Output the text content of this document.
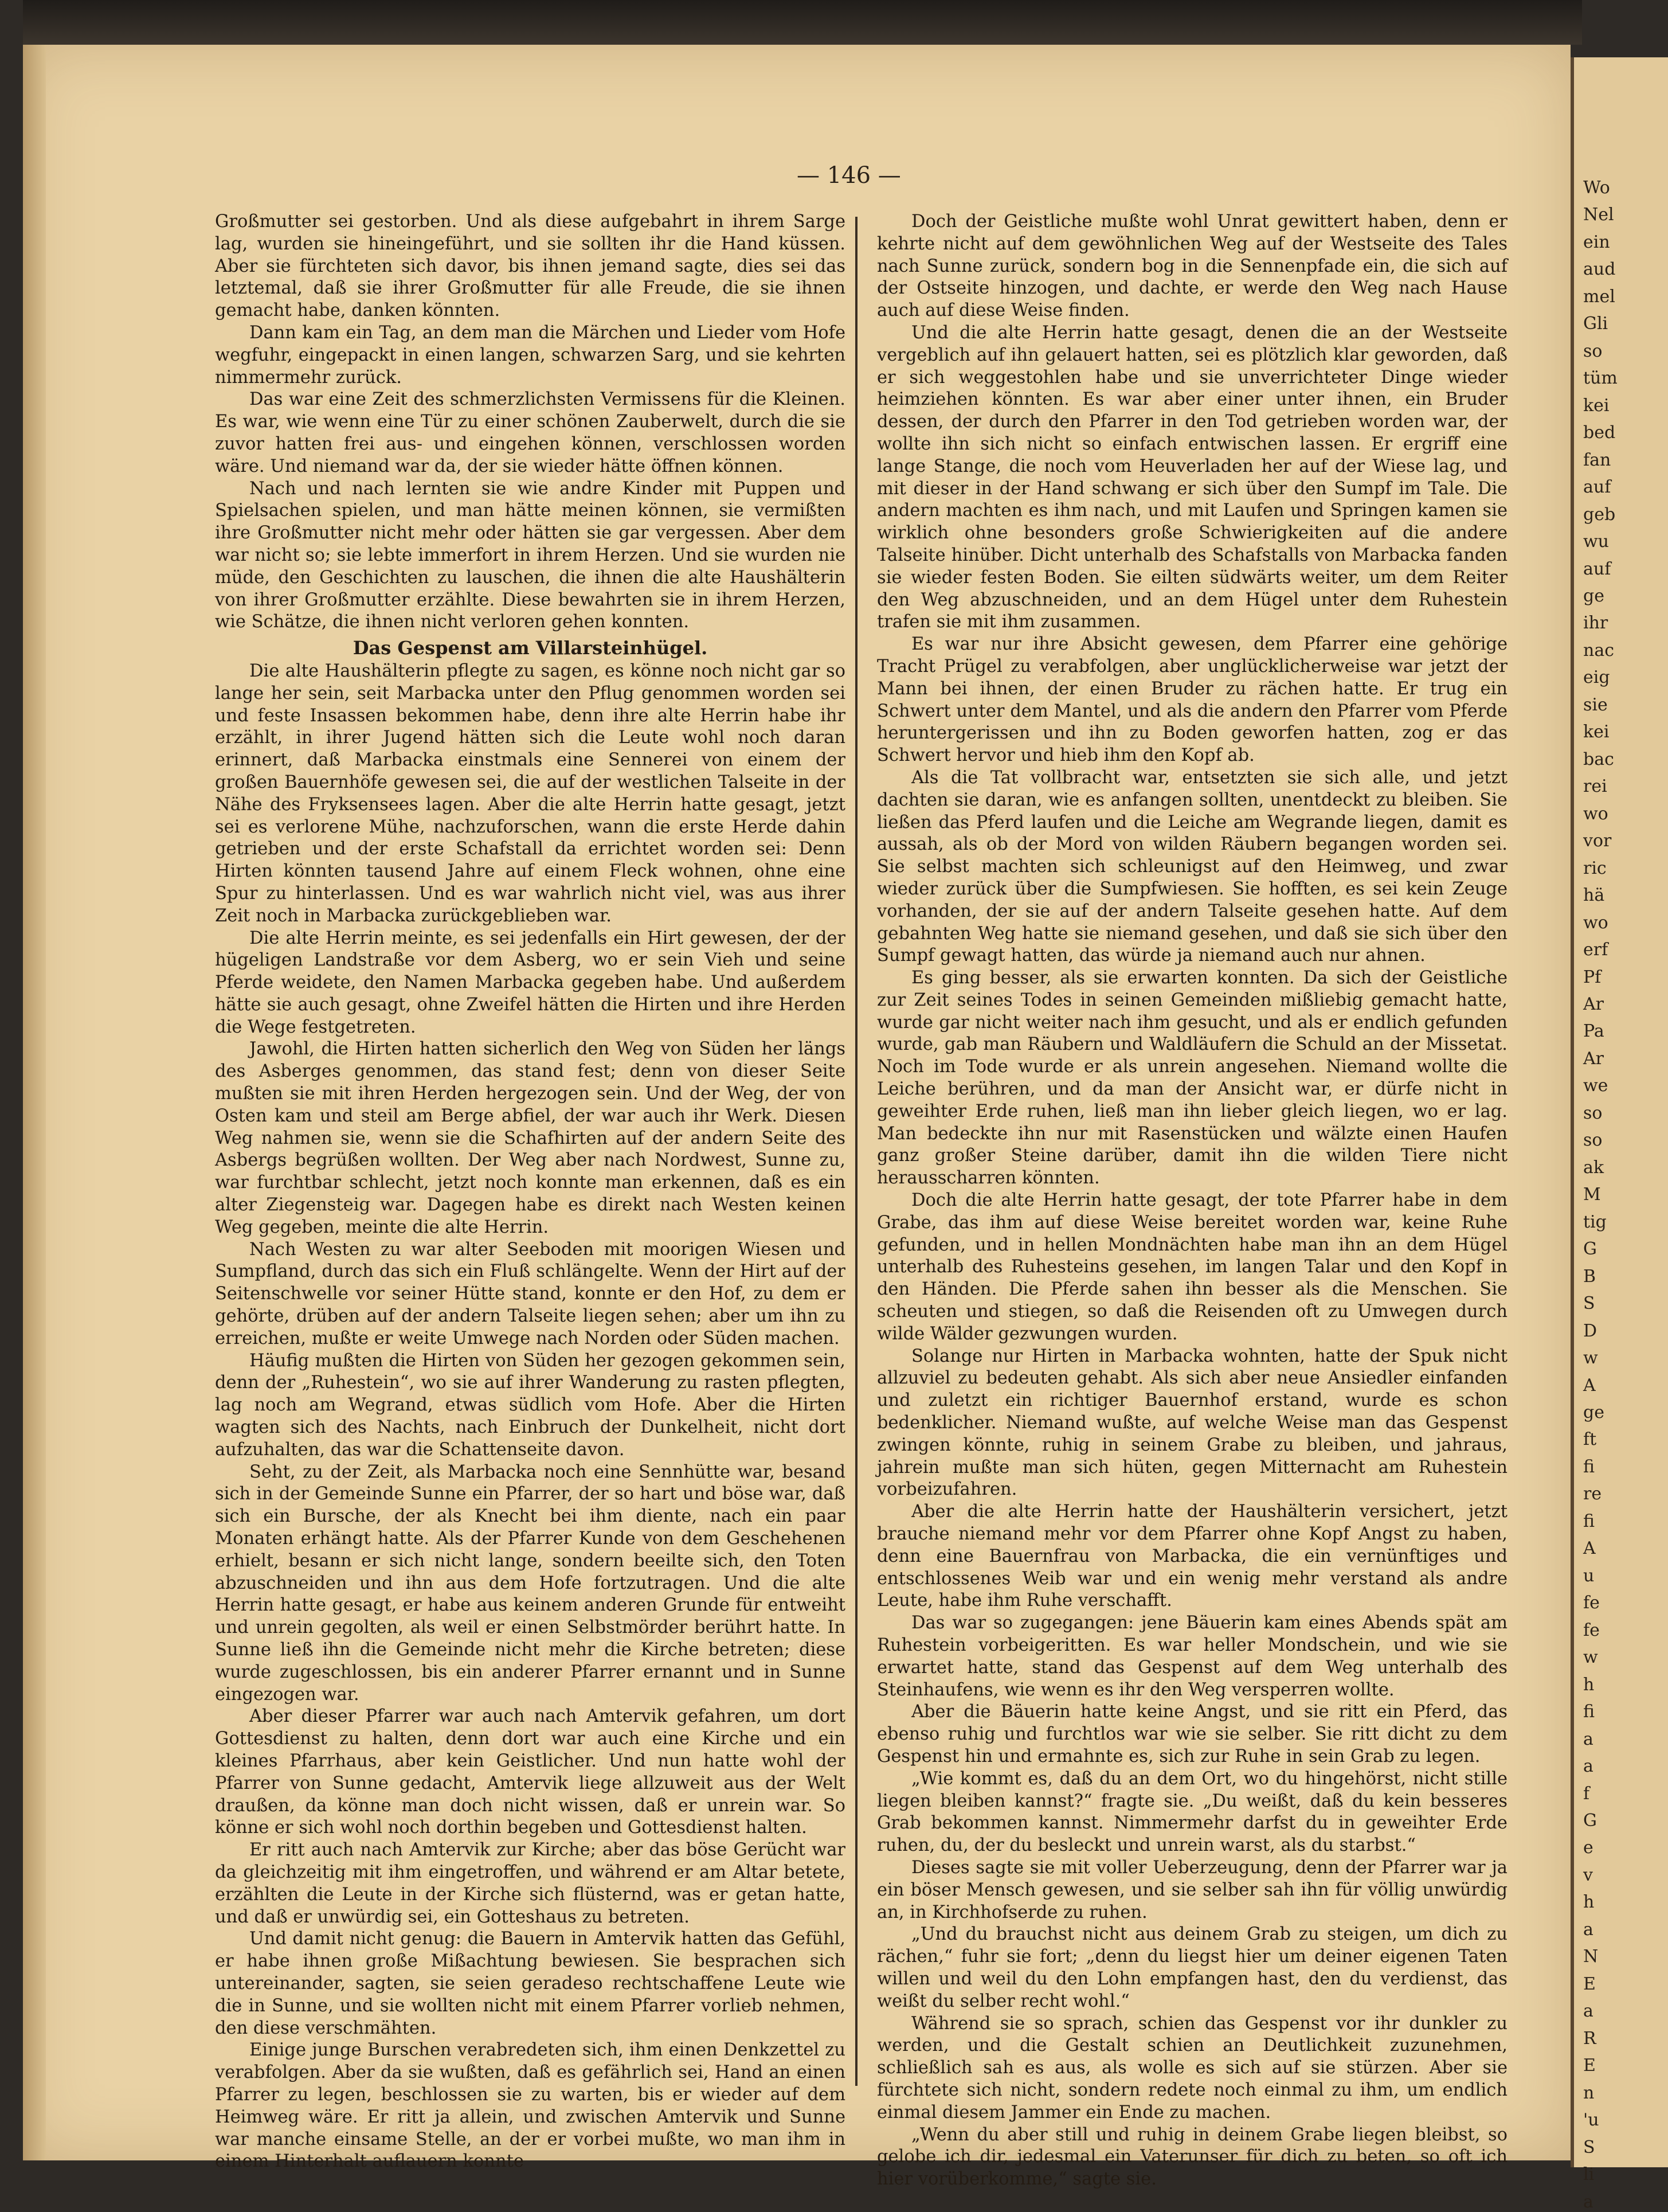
— 146 —

Großmutter sei gestorben. Und als diese aufgebahrt in ihrem Sarge lag, wurden sie hineingeführt, und sie sollten ihr die Hand küssen. Aber sie fürchteten sich davor, bis ihnen jemand sagte, dies sei das letztemal, daß sie ihrer Großmutter für alle Freude, die sie ihnen gemacht habe, danken könnten.

Dann kam ein Tag, an dem man die Märchen und Lieder vom Hofe wegfuhr, eingepackt in einen langen, schwarzen Sarg, und sie kehrten nimmermehr zurück.

Das war eine Zeit des schmerzlichsten Vermissens für die Kleinen. Es war, wie wenn eine Tür zu einer schönen Zauberwelt, durch die sie zuvor hatten frei aus- und eingehen können, verschlossen worden wäre. Und niemand war da, der sie wieder hätte öffnen können.

Nach und nach lernten sie wie andre Kinder mit Puppen und Spielsachen spielen, und man hätte meinen können, sie vermißten ihre Großmutter nicht mehr oder hätten sie gar vergessen. Aber dem war nicht so; sie lebte immerfort in ihrem Herzen. Und sie wurden nie müde, den Geschichten zu lauschen, die ihnen die alte Haushälterin von ihrer Großmutter erzählte. Diese bewahrten sie in ihrem Herzen, wie Schätze, die ihnen nicht verloren gehen konnten.

Das Gespenst am Villarsteinhügel.

Die alte Haushälterin pflegte zu sagen, es könne noch nicht gar so lange her sein, seit Marbacka unter den Pflug genommen worden sei und feste Insassen bekommen habe, denn ihre alte Herrin habe ihr erzählt, in ihrer Jugend hätten sich die Leute wohl noch daran erinnert, daß Marbacka einstmals eine Sennerei von einem der großen Bauernhöfe gewesen sei, die auf der westlichen Talseite in der Nähe des Fryksensees lagen. Aber die alte Herrin hatte gesagt, jetzt sei es verlorene Mühe, nachzuforschen, wann die erste Herde dahin getrieben und der erste Schafstall da errichtet worden sei: Denn Hirten könnten tausend Jahre auf einem Fleck wohnen, ohne eine Spur zu hinterlassen. Und es war wahrlich nicht viel, was aus ihrer Zeit noch in Marbacka zurückgeblieben war.

Die alte Herrin meinte, es sei jedenfalls ein Hirt gewesen, der der hügeligen Landstraße vor dem Asberg, wo er sein Vieh und seine Pferde weidete, den Namen Marbacka gegeben habe. Und außerdem hätte sie auch gesagt, ohne Zweifel hätten die Hirten und ihre Herden die Wege festgetreten.

Jawohl, die Hirten hatten sicherlich den Weg von Süden her längs des Asberges genommen, das stand fest; denn von dieser Seite mußten sie mit ihren Herden hergezogen sein. Und der Weg, der von Osten kam und steil am Berge abfiel, der war auch ihr Werk. Diesen Weg nahmen sie, wenn sie die Schafhirten auf der andern Seite des Asbergs begrüßen wollten. Der Weg aber nach Nordwest, Sunne zu, war furchtbar schlecht, jetzt noch konnte man erkennen, daß es ein alter Ziegensteig war. Dagegen habe es direkt nach Westen keinen Weg gegeben, meinte die alte Herrin.

Nach Westen zu war alter Seeboden mit moorigen Wiesen und Sumpfland, durch das sich ein Fluß schlängelte. Wenn der Hirt auf der Seitenschwelle vor seiner Hütte stand, konnte er den Hof, zu dem er gehörte, drüben auf der andern Talseite liegen sehen; aber um ihn zu erreichen, mußte er weite Umwege nach Norden oder Süden machen.

Häufig mußten die Hirten von Süden her gezogen gekommen sein, denn der „Ruhestein“, wo sie auf ihrer Wanderung zu rasten pflegten, lag noch am Wegrand, etwas südlich vom Hofe. Aber die Hirten wagten sich des Nachts, nach Einbruch der Dunkelheit, nicht dort aufzuhalten, das war die Schattenseite davon.

Seht, zu der Zeit, als Marbacka noch eine Sennhütte war, besand sich in der Gemeinde Sunne ein Pfarrer, der so hart und böse war, daß sich ein Bursche, der als Knecht bei ihm diente, nach ein paar Monaten erhängt hatte. Als der Pfarrer Kunde von dem Geschehenen erhielt, besann er sich nicht lange, sondern beeilte sich, den Toten abzuschneiden und ihn aus dem Hofe fortzutragen. Und die alte Herrin hatte gesagt, er habe aus keinem anderen Grunde für entweiht und unrein gegolten, als weil er einen Selbstmörder berührt hatte. In Sunne ließ ihn die Gemeinde nicht mehr die Kirche betreten; diese wurde zugeschlossen, bis ein anderer Pfarrer ernannt und in Sunne eingezogen war.

Aber dieser Pfarrer war auch nach Amtervik gefahren, um dort Gottesdienst zu halten, denn dort war auch eine Kirche und ein kleines Pfarrhaus, aber kein Geistlicher. Und nun hatte wohl der Pfarrer von Sunne gedacht, Amtervik liege allzuweit aus der Welt draußen, da könne man doch nicht wissen, daß er unrein war. So könne er sich wohl noch dorthin begeben und Gottesdienst halten.

Er ritt auch nach Amtervik zur Kirche; aber das böse Gerücht war da gleichzeitig mit ihm eingetroffen, und während er am Altar betete, erzählten die Leute in der Kirche sich flüsternd, was er getan hatte, und daß er unwürdig sei, ein Gotteshaus zu betreten.

Und damit nicht genug: die Bauern in Amtervik hatten das Gefühl, er habe ihnen große Mißachtung bewiesen. Sie besprachen sich untereinander, sagten, sie seien geradeso rechtschaffene Leute wie die in Sunne, und sie wollten nicht mit einem Pfarrer vorlieb nehmen, den diese verschmähten.

Einige junge Burschen verabredeten sich, ihm einen Denkzettel zu verabfolgen. Aber da sie wußten, daß es gefährlich sei, Hand an einen Pfarrer zu legen, beschlossen sie zu warten, bis er wieder auf dem Heimweg wäre. Er ritt ja allein, und zwischen Amtervik und Sunne war manche einsame Stelle, an der er vorbei mußte, wo man ihm in einem Hinterhalt auflauern konnte

Doch der Geistliche mußte wohl Unrat gewittert haben, denn er kehrte nicht auf dem gewöhnlichen Weg auf der Westseite des Tales nach Sunne zurück, sondern bog in die Sennenpfade ein, die sich auf der Ostseite hinzogen, und dachte, er werde den Weg nach Hause auch auf diese Weise finden.

Und die alte Herrin hatte gesagt, denen die an der Westseite vergeblich auf ihn gelauert hatten, sei es plötzlich klar geworden, daß er sich weggestohlen habe und sie unverrichteter Dinge wieder heimziehen könnten. Es war aber einer unter ihnen, ein Bruder dessen, der durch den Pfarrer in den Tod getrieben worden war, der wollte ihn sich nicht so einfach entwischen lassen. Er ergriff eine lange Stange, die noch vom Heuverladen her auf der Wiese lag, und mit dieser in der Hand schwang er sich über den Sumpf im Tale. Die andern machten es ihm nach, und mit Laufen und Springen kamen sie wirklich ohne besonders große Schwierigkeiten auf die andere Talseite hinüber. Dicht unterhalb des Schafstalls von Marbacka fanden sie wieder festen Boden. Sie eilten südwärts weiter, um dem Reiter den Weg abzuschneiden, und an dem Hügel unter dem Ruhestein trafen sie mit ihm zusammen.

Es war nur ihre Absicht gewesen, dem Pfarrer eine gehörige Tracht Prügel zu verabfolgen, aber unglücklicherweise war jetzt der Mann bei ihnen, der einen Bruder zu rächen hatte. Er trug ein Schwert unter dem Mantel, und als die andern den Pfarrer vom Pferde heruntergerissen und ihn zu Boden geworfen hatten, zog er das Schwert hervor und hieb ihm den Kopf ab.

Als die Tat vollbracht war, entsetzten sie sich alle, und jetzt dachten sie daran, wie es anfangen sollten, unentdeckt zu bleiben. Sie ließen das Pferd laufen und die Leiche am Wegrande liegen, damit es aussah, als ob der Mord von wilden Räubern begangen worden sei. Sie selbst machten sich schleunigst auf den Heimweg, und zwar wieder zurück über die Sumpfwiesen. Sie hofften, es sei kein Zeuge vorhanden, der sie auf der andern Talseite gesehen hatte. Auf dem gebahnten Weg hatte sie niemand gesehen, und daß sie sich über den Sumpf gewagt hatten, das würde ja niemand auch nur ahnen.

Es ging besser, als sie erwarten konnten. Da sich der Geistliche zur Zeit seines Todes in seinen Gemeinden mißliebig gemacht hatte, wurde gar nicht weiter nach ihm gesucht, und als er endlich gefunden wurde, gab man Räubern und Waldläufern die Schuld an der Missetat. Noch im Tode wurde er als unrein angesehen. Niemand wollte die Leiche berühren, und da man der Ansicht war, er dürfe nicht in geweihter Erde ruhen, ließ man ihn lieber gleich liegen, wo er lag. Man bedeckte ihn nur mit Rasenstücken und wälzte einen Haufen ganz großer Steine darüber, damit ihn die wilden Tiere nicht herausscharren könnten.

Doch die alte Herrin hatte gesagt, der tote Pfarrer habe in dem Grabe, das ihm auf diese Weise bereitet worden war, keine Ruhe gefunden, und in hellen Mondnächten habe man ihn an dem Hügel unterhalb des Ruhesteins gesehen, im langen Talar und den Kopf in den Händen. Die Pferde sahen ihn besser als die Menschen. Sie scheuten und stiegen, so daß die Reisenden oft zu Umwegen durch wilde Wälder gezwungen wurden.

Solange nur Hirten in Marbacka wohnten, hatte der Spuk nicht allzuviel zu bedeuten gehabt. Als sich aber neue Ansiedler einfanden und zuletzt ein richtiger Bauernhof erstand, wurde es schon bedenklicher. Niemand wußte, auf welche Weise man das Gespenst zwingen könnte, ruhig in seinem Grabe zu bleiben, und jahraus, jahrein mußte man sich hüten, gegen Mitternacht am Ruhestein vorbeizufahren.

Aber die alte Herrin hatte der Haushälterin versichert, jetzt brauche niemand mehr vor dem Pfarrer ohne Kopf Angst zu haben, denn eine Bauernfrau von Marbacka, die ein vernünftiges und entschlossenes Weib war und ein wenig mehr verstand als andre Leute, habe ihm Ruhe verschafft.

Das war so zugegangen: jene Bäuerin kam eines Abends spät am Ruhestein vorbeigeritten. Es war heller Mondschein, und wie sie erwartet hatte, stand das Gespenst auf dem Weg unterhalb des Steinhaufens, wie wenn es ihr den Weg versperren wollte.

Aber die Bäuerin hatte keine Angst, und sie ritt ein Pferd, das ebenso ruhig und furchtlos war wie sie selber. Sie ritt dicht zu dem Gespenst hin und ermahnte es, sich zur Ruhe in sein Grab zu legen.

„Wie kommt es, daß du an dem Ort, wo du hingehörst, nicht stille liegen bleiben kannst?“ fragte sie. „Du weißt, daß du kein besseres Grab bekommen kannst. Nimmermehr darfst du in geweihter Erde ruhen, du, der du besleckt und unrein warst, als du starbst.“

Dieses sagte sie mit voller Ueberzeugung, denn der Pfarrer war ja ein böser Mensch gewesen, und sie selber sah ihn für völlig unwürdig an, in Kirchhofserde zu ruhen.

„Und du brauchst nicht aus deinem Grab zu steigen, um dich zu rächen,“ fuhr sie fort; „denn du liegst hier um deiner eigenen Taten willen und weil du den Lohn empfangen hast, den du verdienst, das weißt du selber recht wohl.“

Während sie so sprach, schien das Gespenst vor ihr dunkler zu werden, und die Gestalt schien an Deutlichkeit zuzunehmen, schließlich sah es aus, als wolle es sich auf sie stürzen. Aber sie fürchtete sich nicht, sondern redete noch einmal zu ihm, um endlich einmal diesem Jammer ein Ende zu machen.

„Wenn du aber still und ruhig in deinem Grabe liegen bleibst, so gelobe ich dir, jedesmal ein Vaterunser für dich zu beten, so oft ich hier vorüberkomme,“ sagte sie.

Wo
Nel
ein
aud
mel
Gli
so
tüm
kei
bed
fan
auf
geb
wu
auf
ge
ihr
nac
eig
sie
kei
bac
rei
wo
vor
ric
hä
wo
erf
Pf
Ar
Pa
Ar
we
so
so
ak
M
tig
G
B
S
D
w
A
ge
ft
fi
re
fi
A
u
fe
fe
w
h
fi
a
a
f
G
e
v
h
a
N
E
a
R
E
n
'u
S
li
a
